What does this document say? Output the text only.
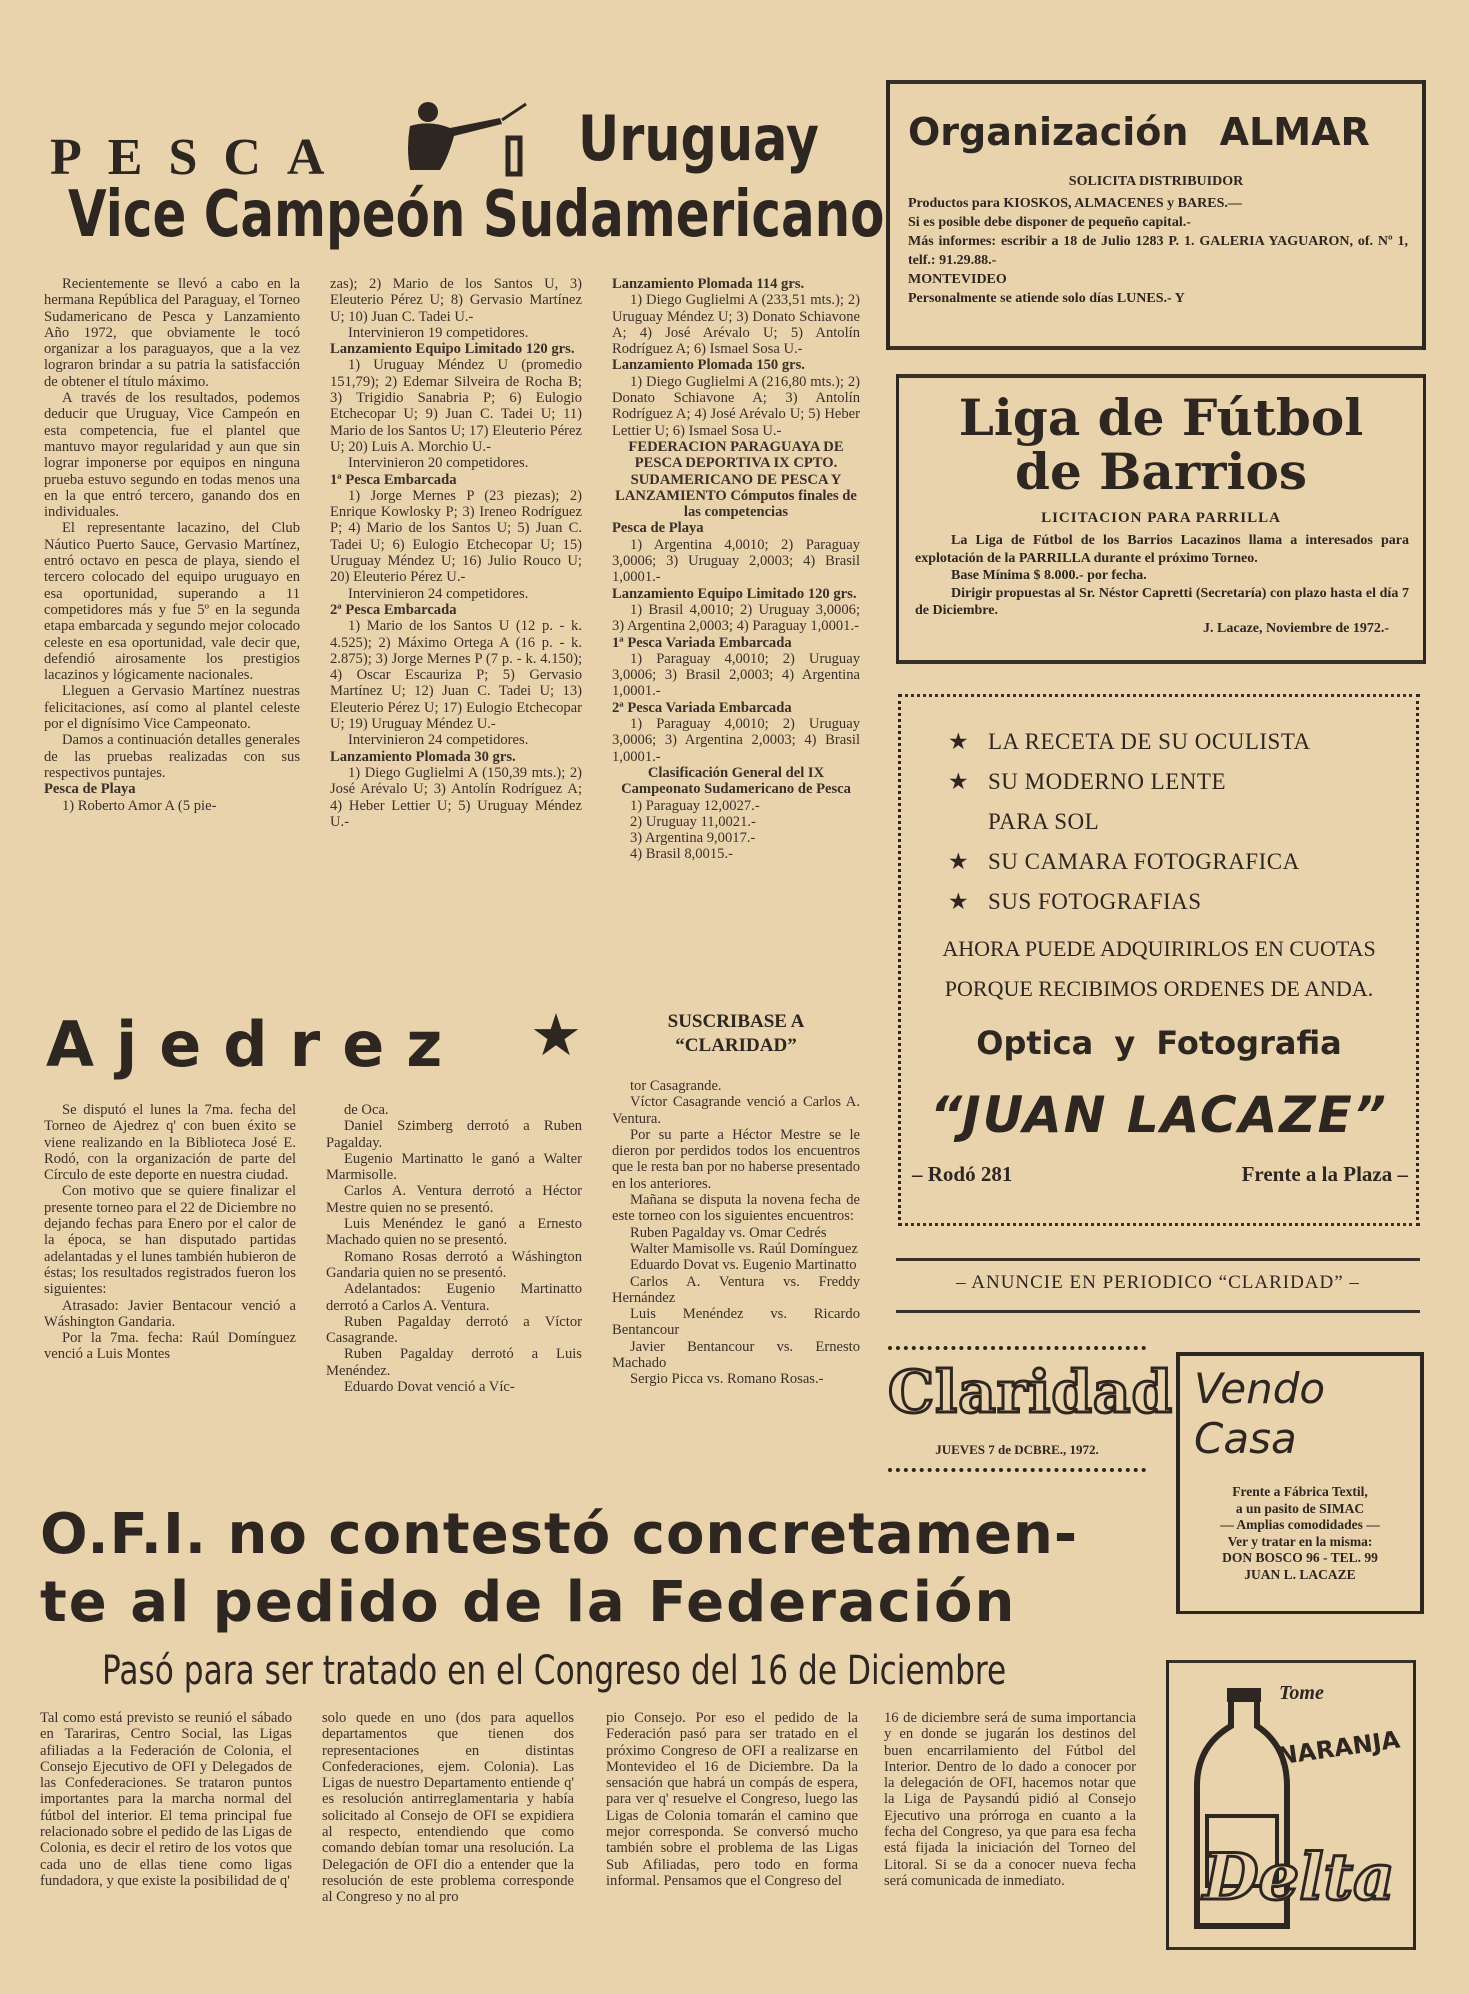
PESCA	Uruguay
Vice Campeón Sudamericano

Recientemente se llevó a cabo en la hermana República del Paraguay, el Torneo Sudamericano de Pesca y Lanzamiento Año 1972, que obviamente le tocó organizar a los paraguayos, que a la vez lograron brindar a su patria la satisfacción de obtener el título máximo.

A través de los resultados, podemos deducir que Uruguay, Vice Campeón en esta competencia, fue el plantel que mantuvo mayor regularidad y aun que sin lograr imponerse por equipos en ninguna prueba estuvo segundo en todas menos una en la que entró tercero, ganando dos en individuales.

El representante lacazino, del Club Náutico Puerto Sauce, Gervasio Martínez, entró octavo en pesca de playa, siendo el tercero colocado del equipo uruguayo en esa oportunidad, superando a 11 competidores más y fue 5º en la segunda etapa embarcada y segundo mejor colocado celeste en esa oportunidad, vale decir que, defendió airosamente los prestigios lacazinos y lógicamente nacionales.

Lleguen a Gervasio Martínez nuestras felicitaciones, así como al plantel celeste por el dignísimo Vice Campeonato.

Damos a continuación detalles generales de las pruebas realizadas con sus respectivos puntajes.

Pesca de Playa

1) Roberto Amor A (5 pie-

zas); 2) Mario de los Santos U, 3) Eleuterio Pérez U; 8) Gervasio Martínez U; 10) Juan C. Tadei U.-

Intervinieron 19 competidores.

Lanzamiento Equipo Limitado 120 grs.

1) Uruguay Méndez U (promedio 151,79); 2) Edemar Silveira de Rocha B; 3) Trigidio Sanabria P; 6) Eulogio Etchecopar U; 9) Juan C. Tadei U; 11) Mario de los Santos U; 17) Eleuterio Pérez U; 20) Luis A. Morchio U.-

Intervinieron 20 competidores.

1ª Pesca Embarcada

1) Jorge Mernes P (23 piezas); 2) Enrique Kowlosky P; 3) Ireneo Rodríguez P; 4) Mario de los Santos U; 5) Juan C. Tadei U; 6) Eulogio Etchecopar U; 15) Uruguay Méndez U; 16) Julio Rouco U; 20) Eleuterio Pérez U.-

Intervinieron 24 competidores.

2ª Pesca Embarcada

1) Mario de los Santos U (12 p. - k. 4.525); 2) Máximo Ortega A (16 p. - k. 2.875); 3) Jorge Mernes P (7 p. - k. 4.150); 4) Oscar Escauriza P; 5) Gervasio Martínez U; 12) Juan C. Tadei U; 13) Eleuterio Pérez U; 17) Eulogio Etchecopar U; 19) Uruguay Méndez U.-

Intervinieron 24 competidores.

Lanzamiento Plomada 30 grs.

1) Diego Guglielmi A (150,39 mts.); 2) José Arévalo U; 3) Antolín Rodríguez A; 4) Heber Lettier U; 5) Uruguay Méndez U.-

Lanzamiento Plomada 114 grs.

1) Diego Guglielmi A (233,51 mts.); 2) Uruguay Méndez U; 3) Donato Schiavone A; 4) José Arévalo U; 5) Antolín Rodríguez A; 6) Ismael Sosa U.-

Lanzamiento Plomada 150 grs.

1) Diego Guglielmi A (216,80 mts.); 2) Donato Schiavone A; 3) Antolín Rodríguez A; 4) José Arévalo U; 5) Heber Lettier U; 6) Ismael Sosa U.-

FEDERACION PARAGUAYA DE PESCA DEPORTIVA IX CPTO. SUDAMERICANO DE PESCA Y LANZAMIENTO Cómputos finales de las competencias

Pesca de Playa

1) Argentina 4,0010; 2) Paraguay 3,0006; 3) Uruguay 2,0003; 4) Brasil 1,0001.-

Lanzamiento Equipo Limitado 120 grs.

1) Brasil 4,0010; 2) Uruguay 3,0006; 3) Argentina 2,0003; 4) Paraguay 1,0001.-

1ª Pesca Variada Embarcada

1) Paraguay 4,0010; 2) Uruguay 3,0006; 3) Brasil 2,0003; 4) Argentina 1,0001.-

2ª Pesca Variada Embarcada

1) Paraguay 4,0010; 2) Uruguay 3,0006; 3) Argentina 2,0003; 4) Brasil 1,0001.-

Clasificación General del IX Campeonato Sudamericano de Pesca

1) Paraguay 12,0027.-

2) Uruguay 11,0021.-

3) Argentina 9,0017.-

4) Brasil 8,0015.-

SUSCRIBASE A
“CLARIDAD”
Ajedrez ★

Se disputó el lunes la 7ma. fecha del Torneo de Ajedrez q' con buen éxito se viene realizando en la Biblioteca José E. Rodó, con la organización de parte del Círculo de este deporte en nuestra ciudad.

Con motivo que se quiere finalizar el presente torneo para el 22 de Diciembre no dejando fechas para Enero por el calor de la época, se han disputado partidas adelantadas y el lunes también hubieron de éstas; los resultados registrados fueron los siguientes:

Atrasado: Javier Bentacour venció a Wáshington Gandaria.

Por la 7ma. fecha: Raúl Domínguez venció a Luis Montes

de Oca.

Daniel Szimberg derrotó a Ruben Pagalday.

Eugenio Martinatto le ganó a Walter Marmisolle.

Carlos A. Ventura derrotó a Héctor Mestre quien no se presentó.

Luis Menéndez le ganó a Ernesto Machado quien no se presentó.

Romano Rosas derrotó a Wáshington Gandaria quien no se presentó.

Adelantados: Eugenio Martinatto derrotó a Carlos A. Ventura.

Ruben Pagalday derrotó a Víctor Casagrande.

Ruben Pagalday derrotó a Luis Menéndez.

Eduardo Dovat venció a Víc-

tor Casagrande.

Víctor Casagrande venció a Carlos A. Ventura.

Por su parte a Héctor Mestre se le dieron por perdidos todos los encuentros que le resta ban por no haberse presentado en los anteriores.

Mañana se disputa la novena fecha de este torneo con los siguientes encuentros:

Ruben Pagalday vs. Omar Cedrés

Walter Mamisolle vs. Raúl Domínguez

Eduardo Dovat vs. Eugenio Martinatto

Carlos A. Ventura vs. Freddy Hernández

Luis Menéndez vs. Ricardo Bentancour

Javier Bentancour vs. Ernesto Machado

Sergio Picca vs. Romano Rosas.-

O.F.I. no contestó concretamen-
te al pedido de la Federación
Pasó para ser tratado en el Congreso del 16 de Diciembre

Tal como está previsto se reunió el sábado en Tarariras, Centro Social, las Ligas afiliadas a la Federación de Colonia, el Consejo Ejecutivo de OFI y Delegados de las Confederaciones. Se trataron puntos importantes para la marcha normal del fútbol del interior. El tema principal fue relacionado sobre el pedido de las Ligas de Colonia, es decir el retiro de los votos que cada uno de ellas tiene como ligas fundadora, y que existe la posibilidad de q'

solo quede en uno (dos para aquellos departamentos que tienen dos representaciones en distintas Confederaciones, ejem. Colonia). Las Ligas de nuestro Departamento entiende q' es resolución antirreglamentaria y había solicitado al Consejo de OFI se expidiera al respecto, entendiendo que como comando debían tomar una resolución. La Delegación de OFI dio a entender que la resolución de este problema corresponde al Congreso y no al pro

pio Consejo. Por eso el pedido de la Federación pasó para ser tratado en el próximo Congreso de OFI a realizarse en Montevideo el 16 de Diciembre. Da la sensación que habrá un compás de espera, para ver q' resuelve el Congreso, luego las Ligas de Colonia tomarán el camino que mejor corresponda. Se conversó mucho también sobre el problema de las Ligas Sub Afiliadas, pero todo en forma informal. Pensamos que el Congreso del

16 de diciembre será de suma importancia y en donde se jugarán los destinos del buen encarrilamiento del Fútbol del Interior. Dentro de lo dado a conocer por la delegación de OFI, hacemos notar que la Liga de Paysandú pidió al Consejo Ejecutivo una prórroga en cuanto a la fecha del Congreso, ya que para esa fecha está fijada la iniciación del Torneo del Litoral. Si se da a conocer nueva fecha será comunicada de inmediato.

Organización ALMAR
SOLICITA DISTRIBUIDOR
Productos para KIOSKOS, ALMACENES y BARES.—
Si es posible debe disponer de pequeño capital.-
Más informes: escribir a 18 de Julio 1283 P. 1. GALERIA YAGUARON, of. Nº 1, telf.: 91.29.88.-
MONTEVIDEO
Personalmente se atiende solo días LUNES.- Y
Liga de Fútbol
de Barrios
LICITACION PARA PARRILLA
La Liga de Fútbol de los Barrios Lacazinos llama a interesados para explotación de la PARRILLA durante el próximo Torneo.
Base Mínima $ 8.000.- por fecha.
Dirigir propuestas al Sr. Néstor Capretti (Secretaría) con plazo hasta el día 7 de Diciembre.
J. Lacaze, Noviembre de 1972.-
★ LA RECETA DE SU OCULISTA
★ SU MODERNO LENTE
PARA SOL
★ SU CAMARA FOTOGRAFICA
★ SUS FOTOGRAFIAS
AHORA PUEDE ADQUIRIRLOS EN CUOTAS
PORQUE RECIBIMOS ORDENES DE ANDA.
Optica y Fotografia
“JUAN LACAZE”
– Rodó 281	Frente a la Plaza –
– ANUNCIE EN PERIODICO “CLARIDAD” –
Claridad
JUEVES 7 de DCBRE., 1972.
Vendo
Casa
Frente a Fábrica Textil,
a un pasito de SIMAC
— Amplias comodidades —
Ver y tratar en la misma:
DON BOSCO 96 - TEL. 99
JUAN L. LACAZE
Tome
NARANJA
Delta
